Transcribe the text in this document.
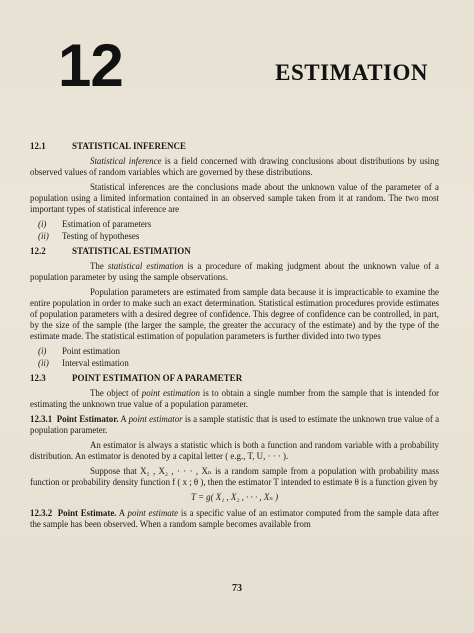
12	ESTIMATION
12.1	STATISTICAL INFERENCE

Statistical inference is a field concerned with drawing conclusions about distributions by using observed values of random variables which are governed by these distributions.

Statistical inferences are the conclusions made about the unknown value of the parameter of a population using a limited information contained in an observed sample taken from it at random. The two most important types of statistical inference are

(i)	Estimation of parameters
(ii)	Testing of hypotheses
12.2	STATISTICAL ESTIMATION

The statistical estimation is a procedure of making judgment about the unknown value of a population parameter by using the sample observations.

Population parameters are estimated from sample data because it is impracticable to examine the entire population in order to make such an exact determination. Statistical estimation procedures provide estimates of population parameters with a desired degree of confidence. This degree of confidence can be controlled, in part, by the size of the sample (the larger the sample, the greater the accuracy of the estimate) and by the type of the estimate made. The statistical estimation of population parameters is further divided into two types

(i)	Point estimation
(ii)	Interval estimation
12.3	POINT ESTIMATION OF A PARAMETER

The object of point estimation is to obtain a single number from the sample that is intended for estimating the unknown true value of a population parameter.

12.3.1 Point Estimator. A point estimator is a sample statistic that is used to estimate the unknown true value of a population parameter.

An estimator is always a statistic which is both a function and random variable with a probability distribution. An estimator is denoted by a capital letter ( e.g., T, U, · · · ).

Suppose that X₁ , X₂ , · · · , Xₙ is a random sample from a population with probability mass function or probability density function f ( x ; θ ), then the estimator T intended to estimate θ is a function given by

T = g( X₁ , X₂ , · · · , Xₙ )

12.3.2 Point Estimate. A point estimate is a specific value of an estimator computed from the sample data after the sample has been observed. When a random sample becomes available from

73
